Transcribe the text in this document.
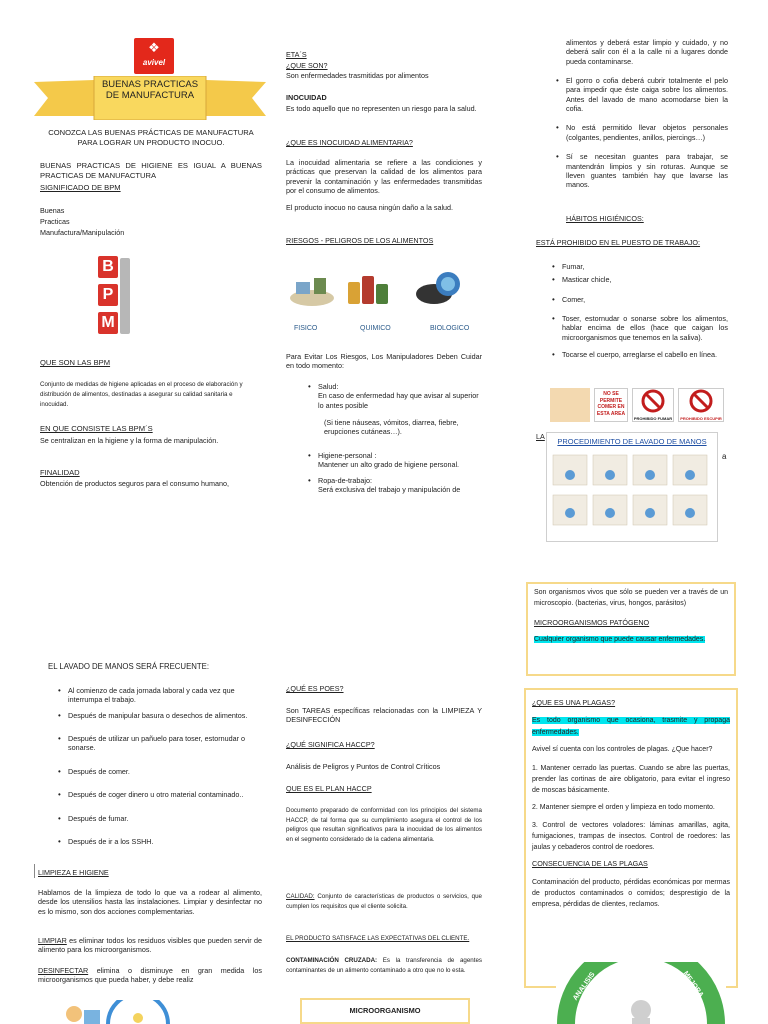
❖
avivel
BUENAS PRACTICAS DE MANUFACTURA
CONOZCA LAS BUENAS PRÁCTICAS DE MANUFACTURA PARA LOGRAR UN PRODUCTO INOCUO.
BUENAS PRACTICAS DE HIGIENE ES IGUAL A BUENAS PRACTICAS DE MANUFACTURA
SIGNIFICADO DE BPM
Buenas
Practicas
Manufactura/Manipulación
B
P
M
QUE SON LAS BPM
Conjunto de medidas de higiene aplicadas en el proceso de elaboración y distribución de alimentos, destinadas a asegurar su calidad sanitaria e inocuidad.
EN QUE CONSISTE LAS BPM´S
Se centralizan en la higiene y la forma de manipulación.
FINALIDAD
Obtención de productos seguros para el consumo humano,
ETA´S
¿QUE SON?
Son enfermedades trasmitidas por alimentos
INOCUIDAD
Es todo aquello que no representen un riesgo para la salud.
¿QUE ES INOCUIDAD ALIMENTARIA?
La inocuidad alimentaria se refiere a las condiciones y prácticas que preservan la calidad de los alimentos para prevenir la contaminación y las enfermedades transmitidas por el consumo de alimentos.
El producto inocuo no causa ningún daño a la salud.
RIESGOS - PELIGROS DE LOS ALIMENTOS
FISICO	QUIMICO	BIOLOGICO
Para Evitar Los Riesgos, Los Manipuladores Deben Cuidar en todo momento:
• Salud:
En caso de enfermedad hay que avisar al superior lo antes posible
(Si tiene náuseas, vómitos, diarrea, fiebre, erupciones cutáneas…).
• Higiene-personal :
Mantener un alto grado de higiene personal.
• Ropa-de-trabajo:
Será exclusiva del trabajo y manipulación de
alimentos y deberá estar limpio y cuidado, y no deberá salir con él a la calle ni a lugares donde pueda contaminarse.
• El gorro o cofia deberá cubrir totalmente el pelo para impedir que éste caiga sobre los alimentos. Antes del lavado de mano acomodarse bien la cofia.
• No está permitido llevar objetos personales (colgantes, pendientes, anillos, piercings…)
• Sí se necesitan guantes para trabajar, se mantendrán limpios y sin roturas. Aunque se lleven guantes también hay que lavarse las manos.
HÁBITOS HIGIÉNICOS:
ESTÁ PROHIBIDO EN EL PUESTO DE TRABAJO:
• Fumar,
• Masticar chicle,
• Comer,
• Toser, estornudar o sonarse sobre los alimentos, hablar encima de ellos (hace que caigan los microorganismos que tenemos en la saliva).
• Tocarse el cuerpo, arreglarse el cabello en línea.
NO SE PERMITE COMER EN ESTA AREA
PROHIBIDO FUMAR	PROHIBIDO ESCUPIR
LA
PROCEDIMIENTO DE LAVADO DE MANOS
a
EL LAVADO DE MANOS SERÁ FRECUENTE:
• Al comienzo de cada jornada laboral y cada vez que interrumpa el trabajo.
• Después de manipular basura o desechos de alimentos.
• Después de utilizar un pañuelo para toser, estornudar o sonarse.
• Después de comer.
• Después de coger dinero u otro material contaminado..
• Después de fumar.
• Después de ir a los SSHH.
LIMPIEZA E HIGIENE
Hablamos de la limpieza de todo lo que va a rodear al alimento, desde los utensilios hasta las instalaciones. Limpiar y desinfectar no es lo mismo, son dos acciones complementarias.
LIMPIAR es eliminar todos los residuos visibles que pueden servir de alimento para los microorganismos.
DESINFECTAR elimina o disminuye en gran medida los microorganismos que pueda haber, y debe realiz
¿QUÉ ES POES?
Son TAREAS específicas relacionadas con la LIMPIEZA Y DESINFECCIÓN
¿QUÉ SIGNIFICA HACCP?
Análisis de Peligros y Puntos de Control Críticos
QUE ES EL PLAN HACCP
Documento preparado de conformidad con los principios del sistema HACCP, de tal forma que su cumplimiento asegura el control de los peligros que resultan significativos para la inocuidad de los alimentos en el segmento considerado de la cadena alimentaria.
CALIDAD: Conjunto de características de productos o servicios, que cumplen los requisitos que el cliente solicita.
EL PRODUCTO SATISFACE LAS EXPECTATIVAS DEL CLIENTE.
CONTAMINACIÓN CRUZADA: Es la transferencia de agentes contaminantes de un alimento contaminado a otro que no lo esta.
MICROORGANISMO
Son organismos vivos que sólo se pueden ver a través de un microscopio. (bacterias, virus, hongos, parásitos)
MICROORGANISMOS PATÓGENO
Cualquier organismo que puede causar enfermedades.
¿QUE ES UNA PLAGAS?
Es todo organismo que ocasiona, trasmite y propaga enfermedades.
Avivel sí cuenta con los controles de plagas. ¿Que hacer?
1. Mantener cerrado las puertas. Cuando se abre las puertas, prender las cortinas de aire obligatorio, para evitar el ingreso de moscas básicamente.
2. Mantener siempre el orden y limpieza en todo momento.
3. Control de vectores voladores: láminas amarillas, agita, fumigaciones, trampas de insectos. Control de roedores: las jaulas y cebaderos control de roedores.
CONSECUENCIA DE LAS PLAGAS
Contaminación del producto, pérdidas económicas por mermas de productos contaminados o comidos; desprestigio de la empresa, pérdidas de clientes, reclamos.
ANALISIS	MEJORA
